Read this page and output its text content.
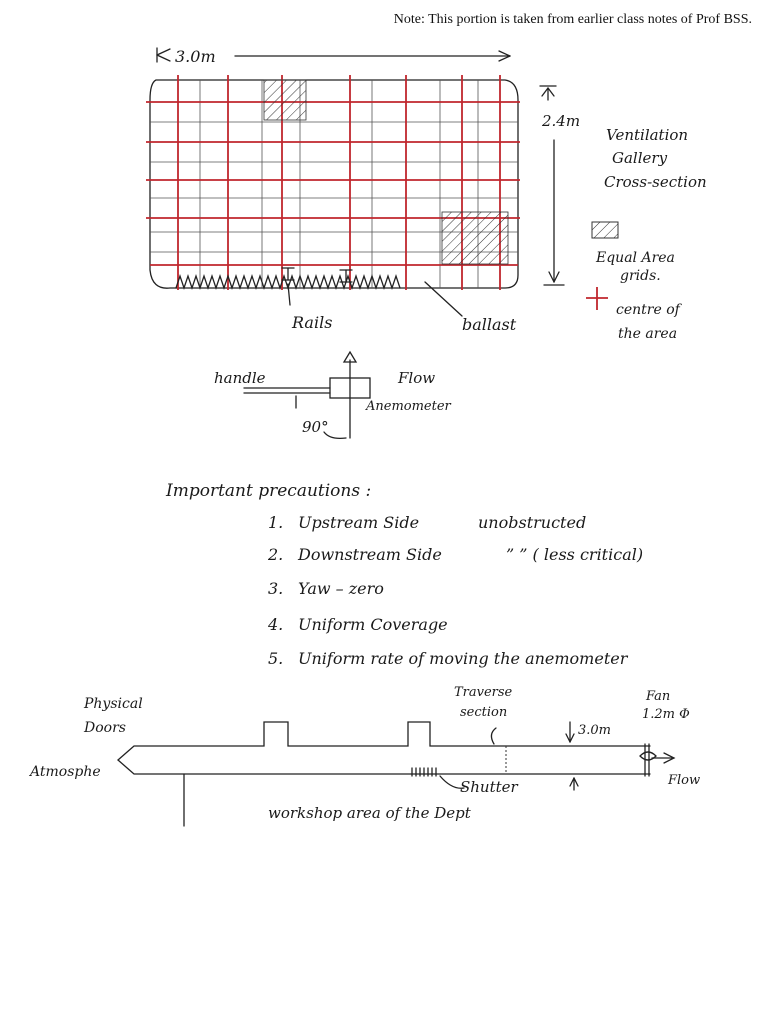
Note: This portion is taken from earlier class notes of Prof BSS.
3.0m
Rails	ballast
2.4m
Ventilation
Gallery
Cross-section
Equal Area
grids.
centre of
the area
handle	Flow
Anemometer
90°
Important precautions :
1. Upstream Side	unobstructed
2. Downstream Side	” ” ( less critical)
3. Yaw – zero
4. Uniform Coverage
5. Uniform rate of moving the anemometer
Physical
Doors
Atmosphe
Shutter
Traverse
section
3.0m
Fan
1.2m Φ
Flow
workshop area of the Dept
